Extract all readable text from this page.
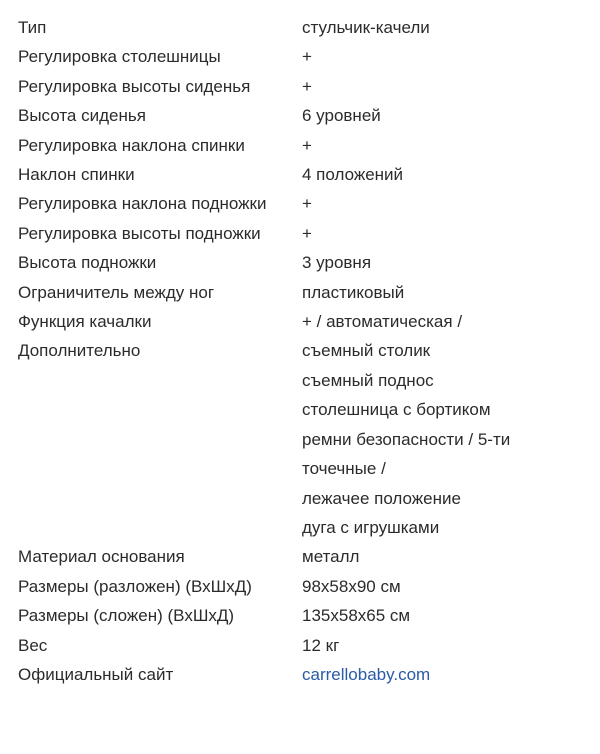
Тип	стульчик-качели
Регулировка столешницы	+
Регулировка высоты сиденья	+
Высота сиденья	6 уровней
Регулировка наклона спинки	+
Наклон спинки	4 положений
Регулировка наклона подножки	+
Регулировка высоты подножки	+
Высота подножки	3 уровня
Ограничитель между ног	пластиковый
Функция качалки	+ / автоматическая /
Дополнительно	съемный столик
съемный поднос
столешница с бортиком
ремни безопасности / 5-ти точечные /
лежачее положение
дуга с игрушками
Материал основания	металл
Размеры (разложен) (ВхШхД)	98x58x90 см
Размеры (сложен) (ВхШхД)	135x58x65 см
Вес	12 кг
Официальный сайт	carrellobaby.com
